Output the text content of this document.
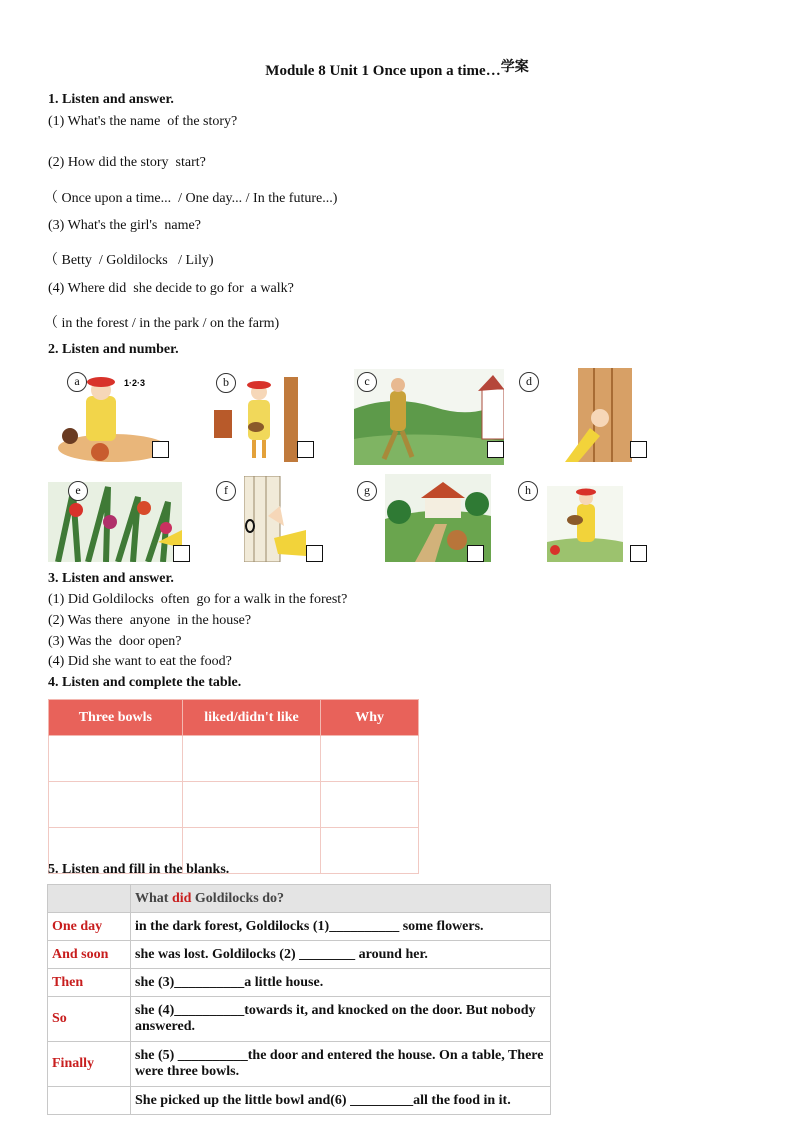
Module 8 Unit 1 Once upon a time…学案
1. Listen and answer.
(1) What's the name  of the story?
(2) How did the story  start?
（ Once upon a time...  / One day... / In the future...)
(3) What's the girl's  name?
（ Betty  / Goldilocks   / Lily)
(4) Where did  she decide to go for  a walk?
（ in the forest / in the park / on the farm)
2. Listen and number.
1·2·3
a	b	c	d
e	f	g	h
3. Listen and answer.
(1) Did Goldilocks  often  go for a walk in the forest?
(2) Was there  anyone  in the house?
(3) Was the  door open?
(4) Did she want to eat the food?
4. Listen and complete the table.
Three bowls	liked/didn't like	Why

5. Listen and fill in the blanks.
	What did Goldilocks do?
One day	in the dark forest, Goldilocks (1)__________ some flowers.
And soon	she was lost. Goldilocks (2) ________ around her.
Then	she (3)__________a little house.
So	she (4)__________towards it, and knocked on the door. But nobody answered.
Finally	she (5) __________the door and entered the house. On a table, There were three bowls.
	She picked up the little bowl and(6) _________all the food in it.
